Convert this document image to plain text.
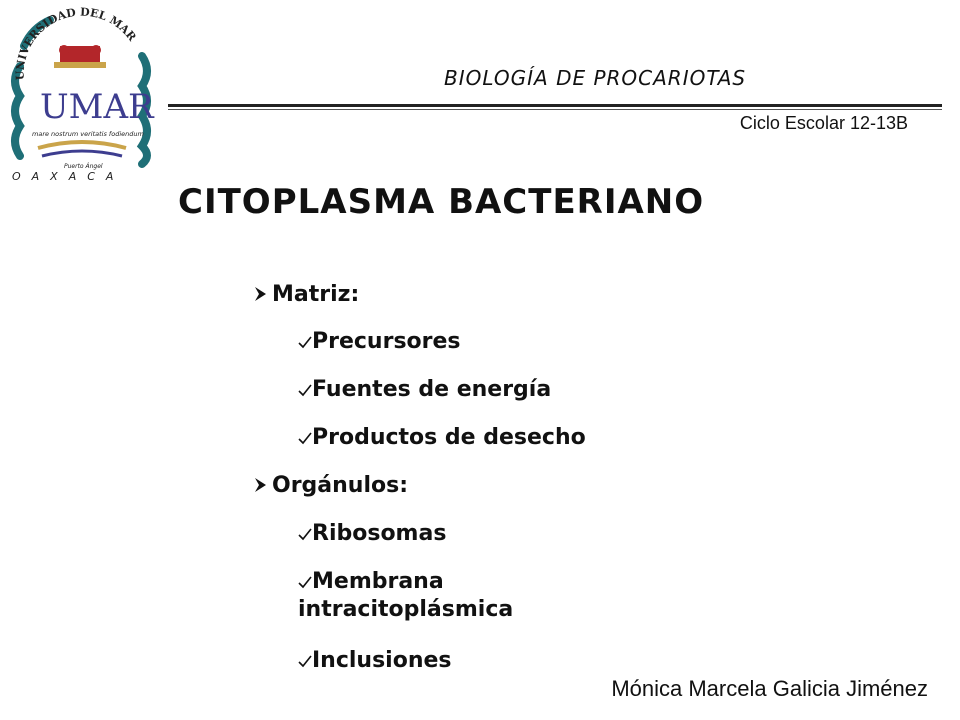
UNIVERSIDAD DEL MAR
UMAR
mare nostrum veritatis fodiendum
Puerto Ángel
OAXACA
BIOLOGÍA DE PROCARIOTAS
Ciclo Escolar 12-13B
CITOPLASMA BACTERIANO
Matriz:
Precursores
Fuentes de energía
Productos de desecho
Orgánulos:
Ribosomas
Membrana intracitoplásmica
Inclusiones
Mónica Marcela Galicia Jiménez
